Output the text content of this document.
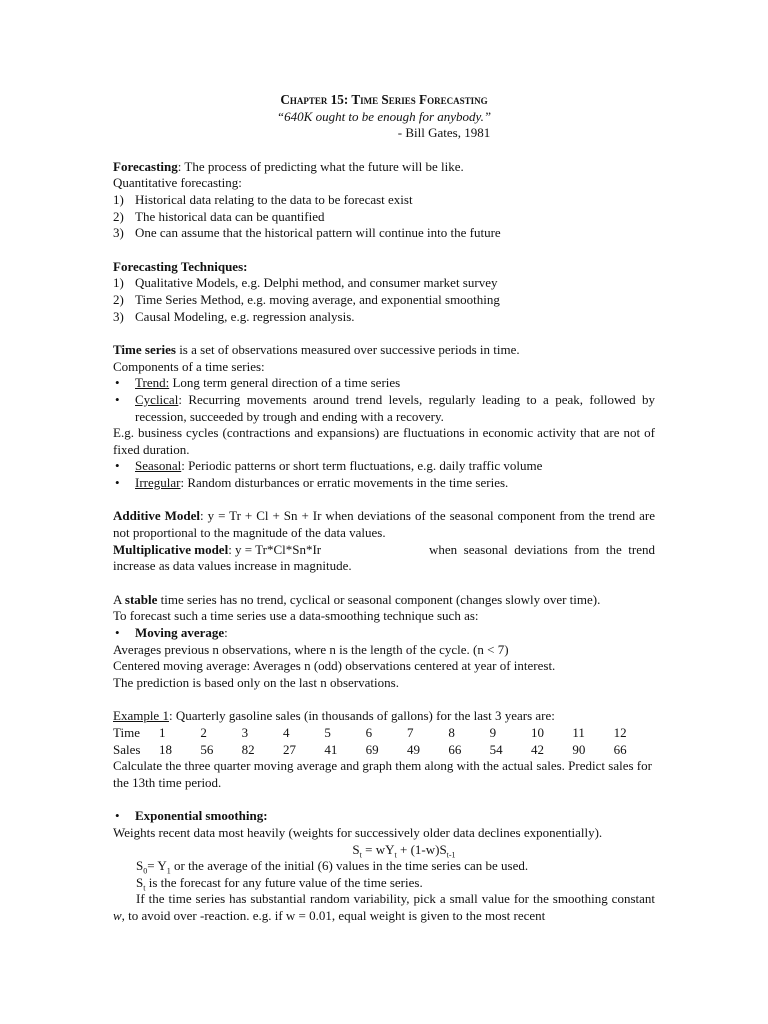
Chapter 15: Time Series Forecasting
“640K ought to be enough for anybody.”
- Bill Gates, 1981
Forecasting: The process of predicting what the future will be like.
Quantitative forecasting:
1) Historical data relating to the data to be forecast exist
2) The historical data can be quantified
3) One can assume that the historical pattern will continue into the future
Forecasting Techniques:
1) Qualitative Models, e.g. Delphi method, and consumer market survey
2) Time Series Method, e.g. moving average, and exponential smoothing
3) Causal Modeling, e.g. regression analysis.
Time series is a set of observations measured over successive periods in time.
Components of a time series:
•	Trend: Long term general direction of a time series
•	Cyclical: Recurring movements around trend levels, regularly leading to a peak, followed by recession, succeeded by trough and ending with a recovery.
E.g. business cycles (contractions and expansions) are fluctuations in economic activity that are not of fixed duration.
•	Seasonal: Periodic patterns or short term fluctuations, e.g. daily traffic volume
•	Irregular: Random disturbances or erratic movements in the time series.
Additive Model: y = Tr + Cl + Sn + Ir when deviations of the seasonal component from the trend are not proportional to the magnitude of the data values.
Multiplicative model: y = Tr*Cl*Sn*Ir	when  seasonal  deviations  from  the  trend
increase as data values increase in magnitude.
A stable time series has no trend, cyclical or seasonal component (changes slowly over time).
To forecast such a time series use a data-smoothing technique such as:
•	Moving average:
Averages previous n observations, where n is the length of the cycle. (n < 7)
Centered moving average: Averages n (odd) observations centered at year of interest.
The prediction is based only on the last n observations.
Example 1: Quarterly gasoline sales (in thousands of gallons) for the last 3 years are:
Time	1	2	3	4	5	6	7	8	9	10	11	12
Sales	18	56	82	27	41	69	49	66	54	42	90	66
Calculate the three quarter moving average and graph them along with the actual sales. Predict sales for the 13th time period.
•	Exponential smoothing:
Weights recent data most heavily (weights for successively older data declines exponentially).
$S_t = wY_t + (1-w)S_{t-1}$
$S_0= Y_1$ or the average of the initial (6) values in the time series can be used.
$S_t$ is the forecast for any future value of the time series.
If the time series has substantial random variability, pick a small value for the smoothing constant w, to avoid over -reaction. e.g. if w = 0.01, equal weight is given to the most recent
